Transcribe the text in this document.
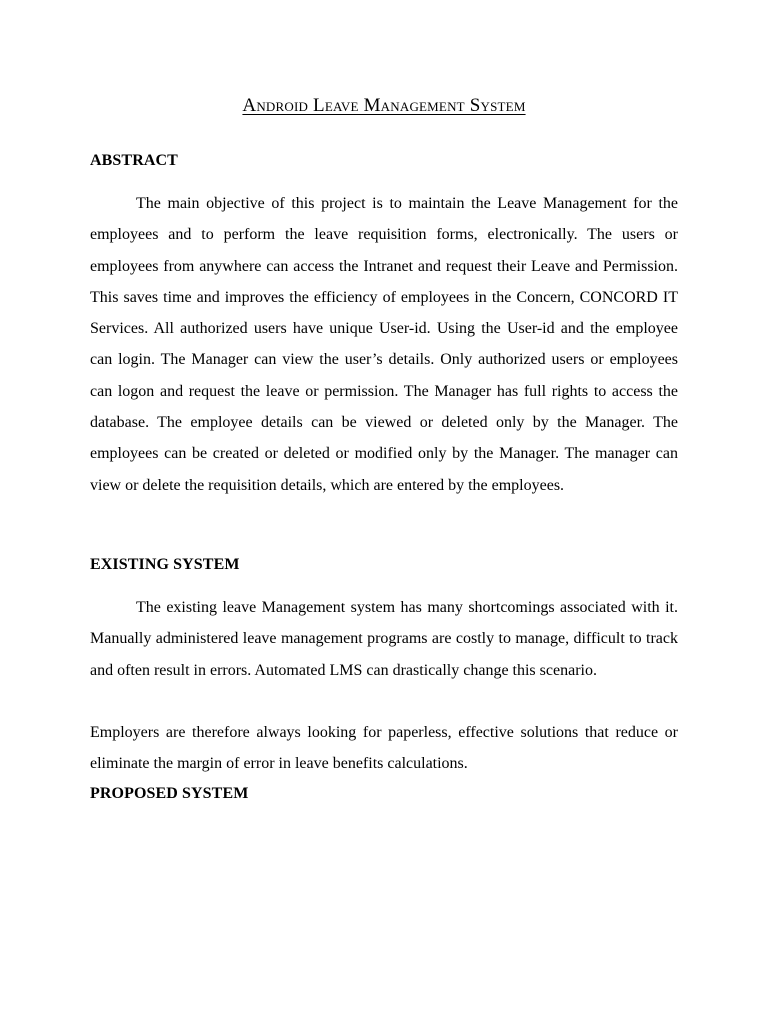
Android Leave Management System
ABSTRACT

The main objective of this project is to maintain the Leave Management for the employees and to perform the leave requisition forms, electronically. The users or employees from anywhere can access the Intranet and request their Leave and Permission. This saves time and improves the efficiency of employees in the Concern, CONCORD IT Services. All authorized users have unique User-id. Using the User-id and the employee can login. The Manager can view the user’s details. Only authorized users or employees can logon and request the leave or permission. The Manager has full rights to access the database. The employee details can be viewed or deleted only by the Manager. The employees can be created or deleted or modified only by the Manager. The manager can view or delete the requisition details, which are entered by the employees.

EXISTING SYSTEM

The existing leave Management system has many shortcomings associated with it. Manually administered leave management programs are costly to manage, difficult to track and often result in errors. Automated LMS can drastically change this scenario.

Employers are therefore always looking for paperless, effective solutions that reduce or eliminate the margin of error in leave benefits calculations.

PROPOSED SYSTEM
